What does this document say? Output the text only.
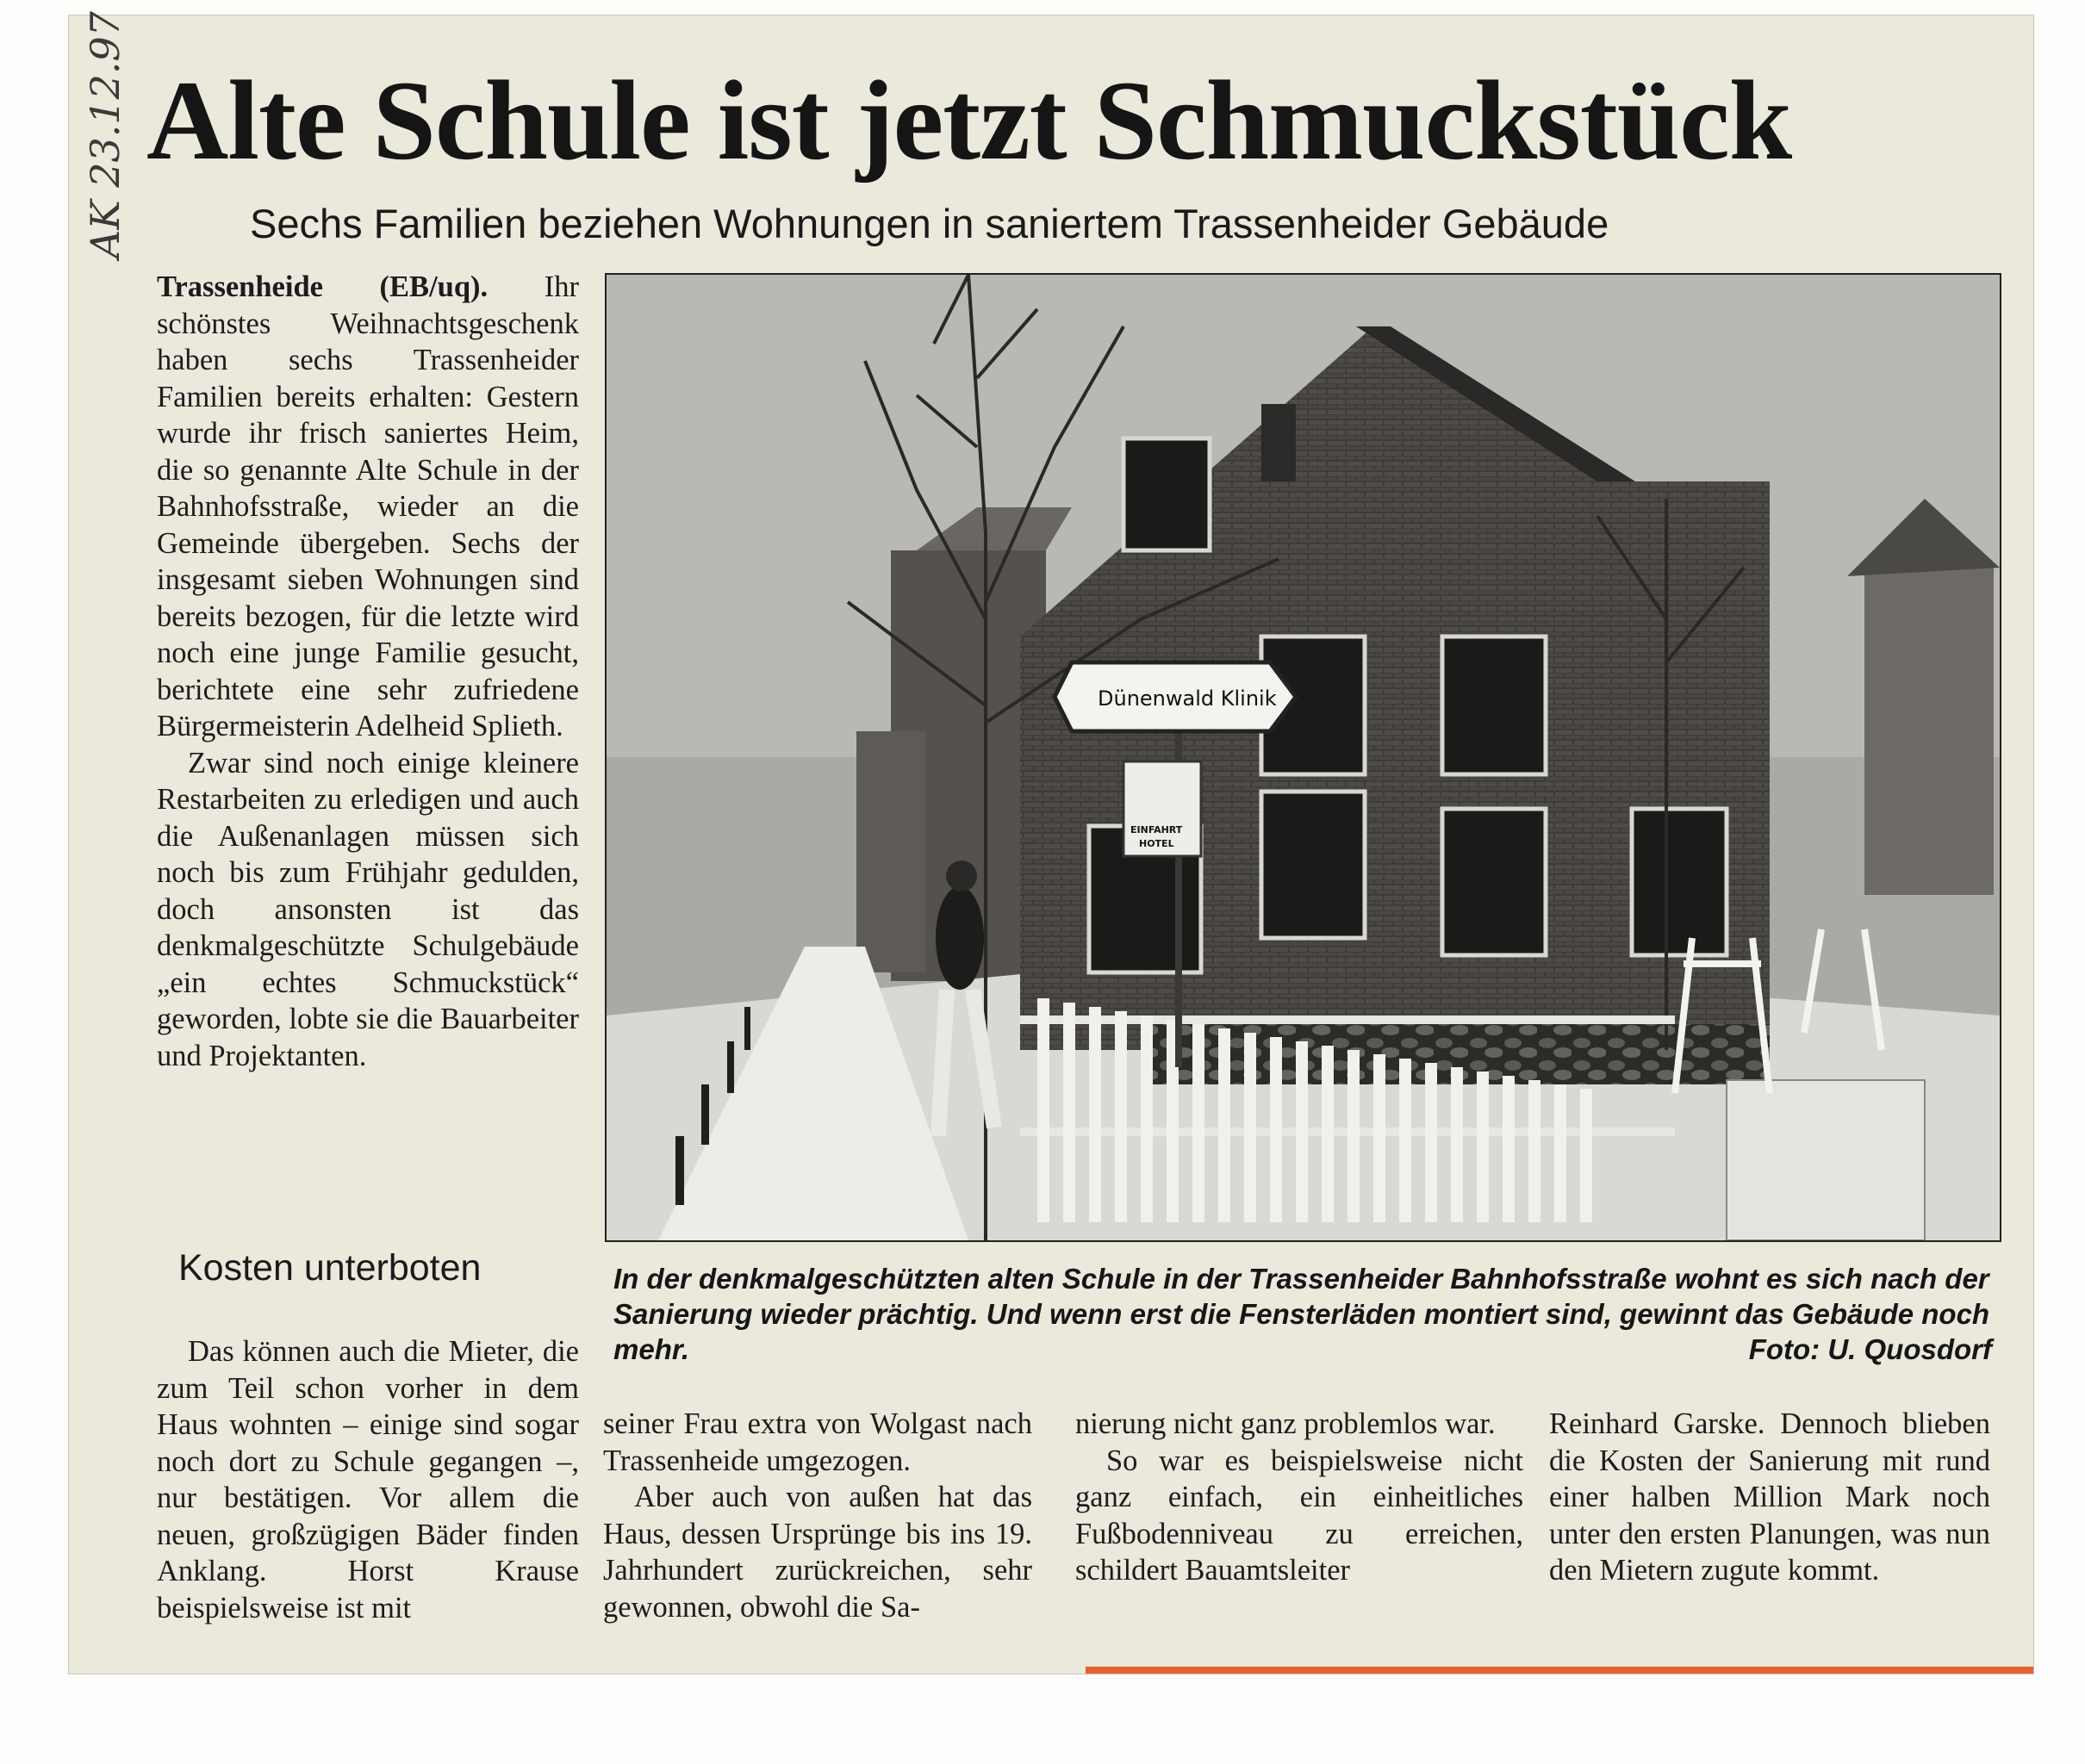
AK 23.12.97 Alte Schule ist jetzt Schmuckstück
Sechs Familien beziehen Wohnungen in saniertem Trassenheider Gebäude

Trassenheide (EB/uq). Ihr schönstes Weihnachtsgeschenk haben sechs Trassenheider Familien bereits erhalten: Gestern wurde ihr frisch saniertes Heim, die so genannte Alte Schule in der Bahnhofsstraße, wieder an die Gemeinde übergeben. Sechs der insgesamt sieben Wohnungen sind bereits bezogen, für die letzte wird noch eine junge Familie gesucht, berichtete eine sehr zufriedene Bürgermeisterin Adelheid Splieth.

Zwar sind noch einige kleinere Restarbeiten zu erledigen und auch die Außenanlagen müssen sich noch bis zum Frühjahr gedulden, doch ansonsten ist das denkmalgeschützte Schulgebäude „ein echtes Schmuckstück“ geworden, lobte sie die Bauarbeiter und Projektanten.

Kosten unterboten

Das können auch die Mieter, die zum Teil schon vorher in dem Haus wohnten – einige sind sogar noch dort zu Schule gegangen –, nur bestätigen. Vor allem die neuen, großzügigen Bäder finden Anklang. Horst Krause beispielsweise ist mit

Dünenwald Klinik
EINFAHRT
HOTEL
In der denkmalgeschützten alten Schule in der Trassenheider Bahnhofsstraße wohnt es sich nach der Sanierung wieder prächtig. Und wenn erst die Fensterläden montiert sind, gewinnt das Gebäude noch mehr.	Foto: U. Quosdorf

seiner Frau extra von Wolgast nach Trassenheide umgezogen.

Aber auch von außen hat das Haus, dessen Ursprünge bis ins 19. Jahrhundert zurückreichen, sehr gewonnen, obwohl die Sa-

nierung nicht ganz problemlos war.

So war es beispielsweise nicht ganz einfach, ein einheitliches Fußbodenniveau zu erreichen, schildert Bauamtsleiter

Reinhard Garske. Dennoch blieben die Kosten der Sanierung mit rund einer halben Million Mark noch unter den ersten Planungen, was nun den Mietern zugute kommt.
